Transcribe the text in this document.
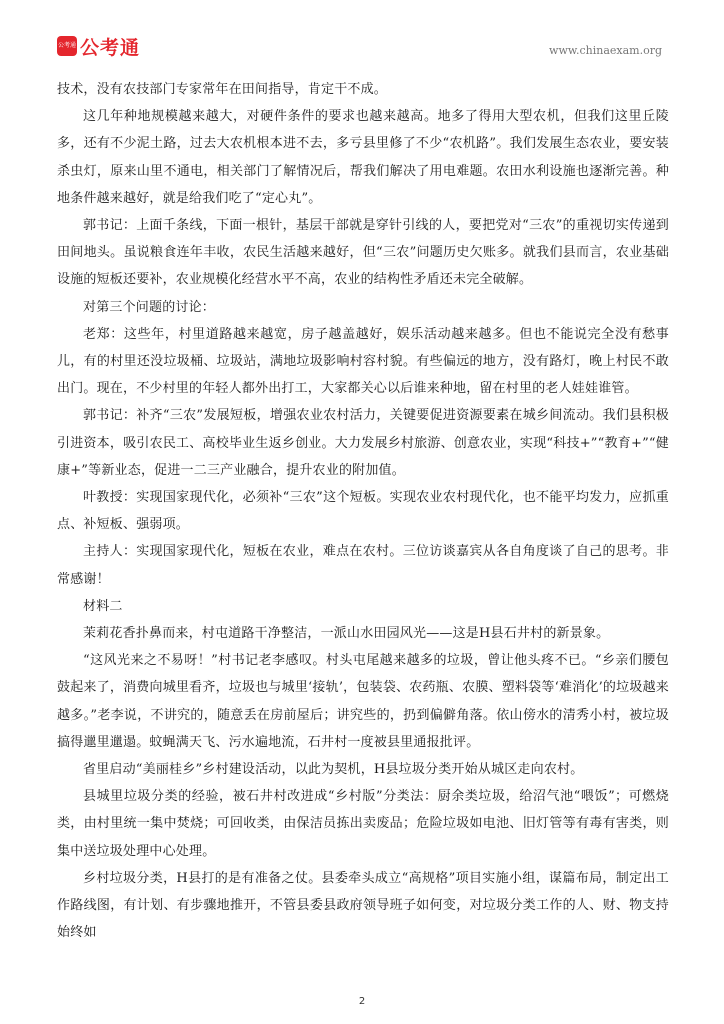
公考通 公考通	www.chinaexam.org

技术，没有农技部门专家常年在田间指导，肯定干不成。

这几年种地规模越来越大，对硬件条件的要求也越来越高。地多了得用大型农机，但我们这里丘陵多，还有不少泥土路，过去大农机根本进不去，多亏县里修了不少“农机路”。我们发展生态农业，要安装杀虫灯，原来山里不通电，相关部门了解情况后，帮我们解决了用电难题。农田水利设施也逐渐完善。种地条件越来越好，就是给我们吃了“定心丸”。

郭书记：上面千条线，下面一根针，基层干部就是穿针引线的人，要把党对“三农”的重视切实传递到田间地头。虽说粮食连年丰收，农民生活越来越好，但“三农”问题历史欠账多。就我们县而言，农业基础设施的短板还要补，农业规模化经营水平不高，农业的结构性矛盾还未完全破解。

对第三个问题的讨论：

老郑：这些年，村里道路越来越宽，房子越盖越好，娱乐活动越来越多。但也不能说完全没有愁事儿，有的村里还没垃圾桶、垃圾站，满地垃圾影响村容村貌。有些偏远的地方，没有路灯，晚上村民不敢出门。现在，不少村里的年轻人都外出打工，大家都关心以后谁来种地，留在村里的老人娃娃谁管。

郭书记：补齐“三农”发展短板，增强农业农村活力，关键要促进资源要素在城乡间流动。我们县积极引进资本，吸引农民工、高校毕业生返乡创业。大力发展乡村旅游、创意农业，实现“科技+”“教育+”“健康+”等新业态，促进一二三产业融合，提升农业的附加值。

叶教授：实现国家现代化，必须补“三农”这个短板。实现农业农村现代化，也不能平均发力，应抓重点、补短板、强弱项。

主持人：实现国家现代化，短板在农业，难点在农村。三位访谈嘉宾从各自角度谈了自己的思考。非常感谢！

材料二

茉莉花香扑鼻而来，村屯道路干净整洁，一派山水田园风光——这是H县石井村的新景象。

“这风光来之不易呀！”村书记老李感叹。村头屯尾越来越多的垃圾，曾让他头疼不已。“乡亲们腰包鼓起来了，消费向城里看齐，垃圾也与城里‘接轨’，包装袋、农药瓶、农膜、塑料袋等‘难消化’的垃圾越来越多。”老李说，不讲究的，随意丢在房前屋后；讲究些的，扔到偏僻角落。依山傍水的清秀小村，被垃圾搞得邋里邋遢。蚊蝇满天飞、污水遍地流，石井村一度被县里通报批评。

省里启动“美丽桂乡”乡村建设活动，以此为契机，H县垃圾分类开始从城区走向农村。

县城里垃圾分类的经验，被石井村改进成“乡村版”分类法：厨余类垃圾，给沼气池“喂饭”；可燃烧类，由村里统一集中焚烧；可回收类，由保洁员拣出卖废品；危险垃圾如电池、旧灯管等有毒有害类，则集中送垃圾处理中心处理。

乡村垃圾分类，H县打的是有准备之仗。县委牵头成立“高规格”项目实施小组，谋篇布局，制定出工作路线图，有计划、有步骤地推开，不管县委县政府领导班子如何变，对垃圾分类工作的人、财、物支持始终如

2
